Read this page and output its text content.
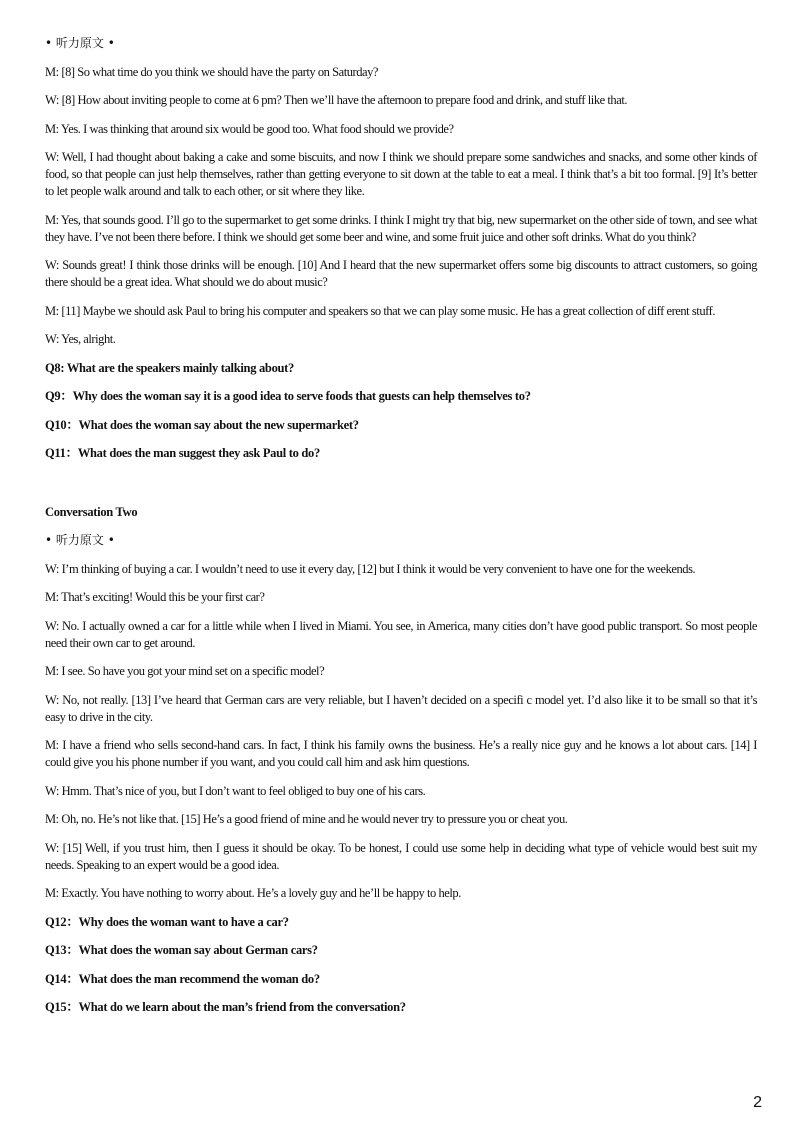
• 听力原文 •

M: [8] So what time do you think we should have the party on Saturday?

W: [8] How about inviting people to come at 6 pm? Then we’ll have the afternoon to prepare food and drink, and stuff like that.

M: Yes. I was thinking that around six would be good too. What food should we provide?

W: Well, I had thought about baking a cake and some biscuits, and now I think we should prepare some sandwiches and snacks, and some other kinds of food, so that people can just help themselves, rather than getting everyone to sit down at the table to eat a meal. I think that’s a bit too formal. [9] It’s better to let people walk around and talk to each other, or sit where they like.

M: Yes, that sounds good. I’ll go to the supermarket to get some drinks. I think I might try that big, new supermarket on the other side of town, and see what they have. I’ve not been there before. I think we should get some beer and wine, and some fruit juice and other soft drinks. What do you think?

W: Sounds great! I think those drinks will be enough. [10] And I heard that the new supermarket offers some big discounts to attract customers, so going there should be a great idea. What should we do about music?

M: [11] Maybe we should ask Paul to bring his computer and speakers so that we can play some music. He has a great collection of diff erent stuff.

W: Yes, alright.

Q8: What are the speakers mainly talking about?

Q9：Why does the woman say it is a good idea to serve foods that guests can help themselves to?

Q10：What does the woman say about the new supermarket?

Q11：What does the man suggest they ask Paul to do?

Conversation Two

• 听力原文 •

W: I’m thinking of buying a car. I wouldn’t need to use it every day, [12] but I think it would be very convenient to have one for the weekends.

M: That’s exciting! Would this be your first car?

W: No. I actually owned a car for a little while when I lived in Miami. You see, in America, many cities don’t have good public transport. So most people need their own car to get around.

M: I see. So have you got your mind set on a specific model?

W: No, not really. [13] I’ve heard that German cars are very reliable, but I haven’t decided on a specifi c model yet. I’d also like it to be small so that it’s easy to drive in the city.

M: I have a friend who sells second-hand cars. In fact, I think his family owns the business. He’s a really nice guy and he knows a lot about cars. [14] I could give you his phone number if you want, and you could call him and ask him questions.

W: Hmm. That’s nice of you, but I don’t want to feel obliged to buy one of his cars.

M: Oh, no. He’s not like that. [15] He’s a good friend of mine and he would never try to pressure you or cheat you.

W: [15] Well, if you trust him, then I guess it should be okay. To be honest, I could use some help in deciding what type of vehicle would best suit my needs. Speaking to an expert would be a good idea.

M: Exactly. You have nothing to worry about. He’s a lovely guy and he’ll be happy to help.

Q12：Why does the woman want to have a car?

Q13：What does the woman say about German cars?

Q14：What does the man recommend the woman do?

Q15：What do we learn about the man’s friend from the conversation?

2
